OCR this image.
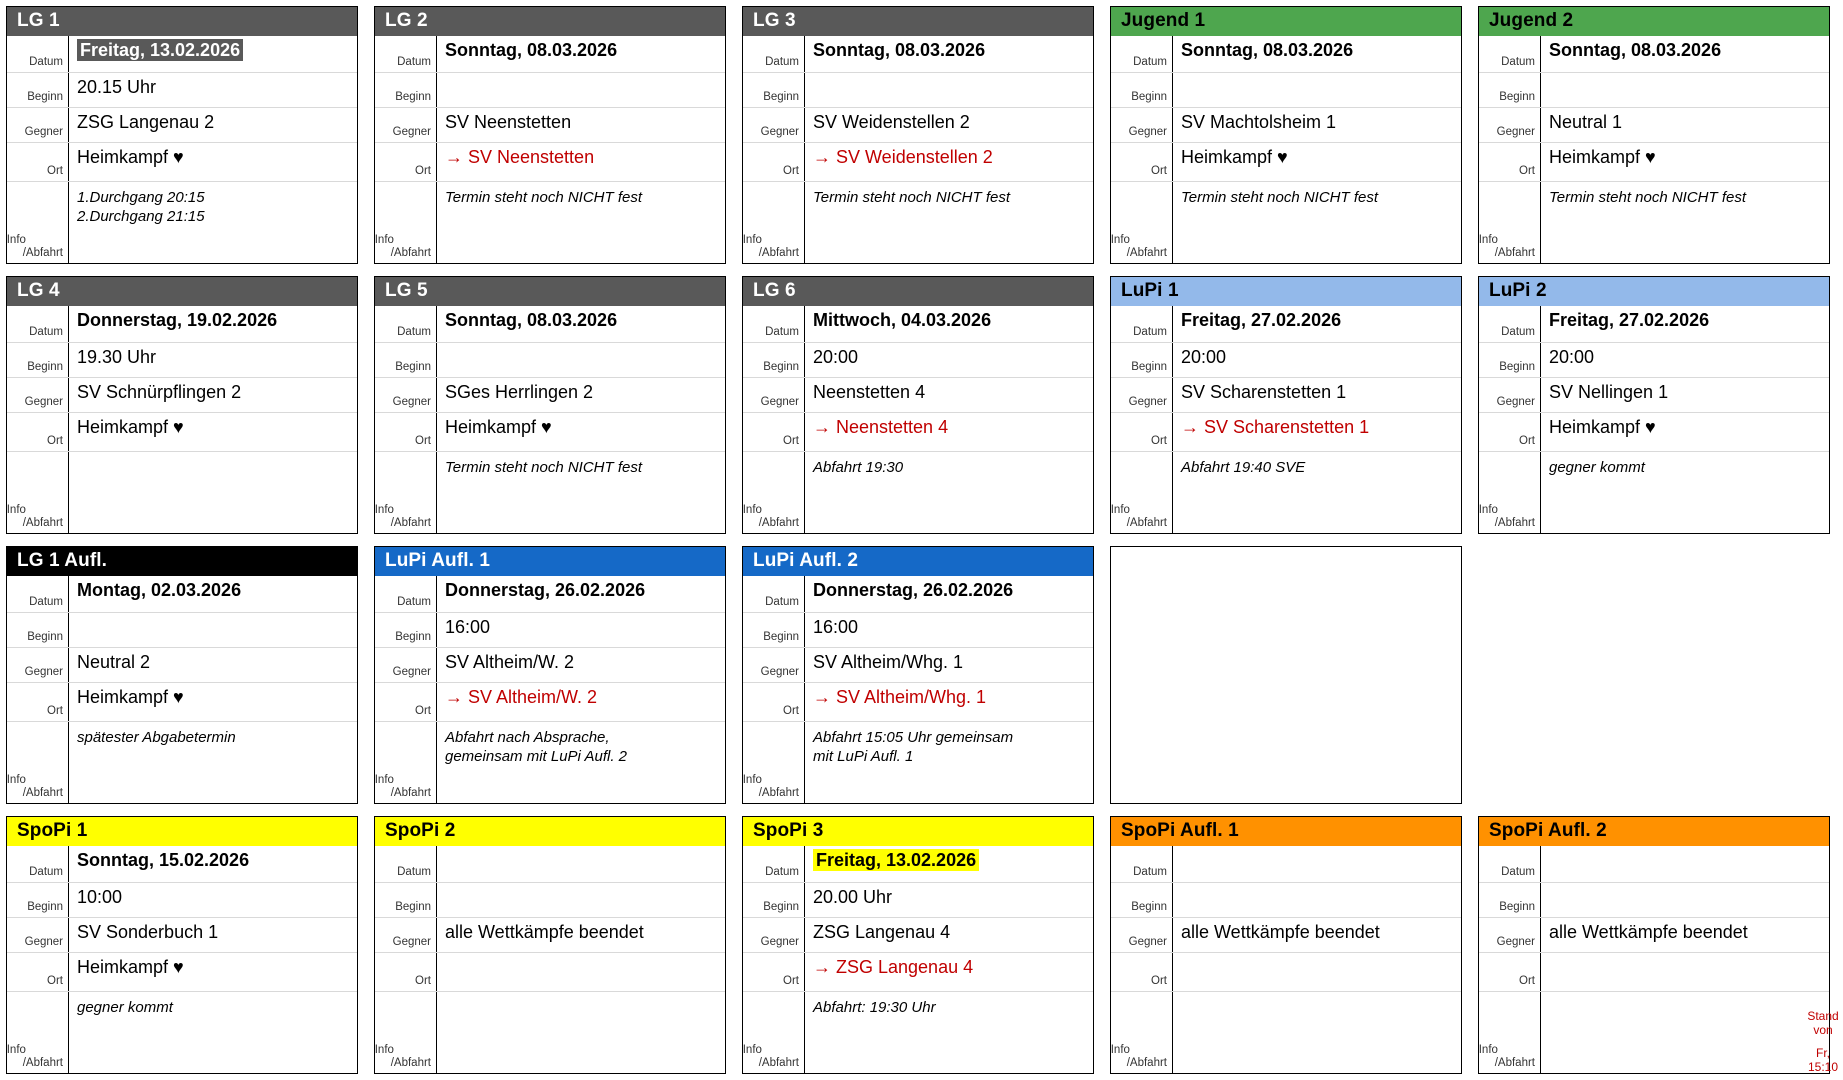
LG 1
Datum
Freitag, 13.02.2026
Beginn 20.15 Uhr
Gegner ZSG Langenau 2
Ort
Heimkampf ♥
Info / Abfahrt
1.Durchgang 20:15
2.Durchgang 21:15
LG 2
Datum
Sonntag, 08.03.2026
Beginn
Gegner SV Neenstetten
Ort
→ SV Neenstetten
Info / Abfahrt
Termin steht noch NICHT fest
LG 3
Datum
Sonntag, 08.03.2026
Beginn
Gegner SV Weidenstellen 2
Ort
→ SV Weidenstellen 2
Info / Abfahrt
Termin steht noch NICHT fest
Jugend 1
Datum
Sonntag, 08.03.2026
Beginn
Gegner SV Machtolsheim 1
Ort
Heimkampf ♥
Info / Abfahrt
Termin steht noch NICHT fest
Jugend 2
Datum
Sonntag, 08.03.2026
Beginn
Gegner Neutral 1
Ort
Heimkampf ♥
Info / Abfahrt
Termin steht noch NICHT fest
LG 4
Datum
Donnerstag, 19.02.2026
Beginn 19.30 Uhr
Gegner SV Schnürpflingen 2
Ort
Heimkampf ♥
Info / Abfahrt
LG 5
Datum
Sonntag, 08.03.2026
Beginn
Gegner SGes Herrlingen 2
Ort
Heimkampf ♥
Info / Abfahrt
Termin steht noch NICHT fest
LG 6
Datum
Mittwoch, 04.03.2026
Beginn 20:00
Gegner Neenstetten 4
Ort
→ Neenstetten 4
Info / Abfahrt
Abfahrt 19:30
LuPi 1
Datum
Freitag, 27.02.2026
Beginn 20:00
Gegner SV Scharenstetten 1
Ort
→ SV Scharenstetten 1
Info / Abfahrt
Abfahrt 19:40 SVE
LuPi 2
Datum
Freitag, 27.02.2026
Beginn 20:00
Gegner SV Nellingen 1
Ort
Heimkampf ♥
Info / Abfahrt
gegner kommt
LG 1 Aufl.
Datum
Montag, 02.03.2026
Beginn
Gegner Neutral 2
Ort
Heimkampf ♥
Info / Abfahrt
spätester Abgabetermin
LuPi Aufl. 1
Datum
Donnerstag, 26.02.2026
Beginn 16:00
Gegner SV Altheim/W. 2
Ort
→ SV Altheim/W. 2
Info / Abfahrt
Abfahrt nach Absprache,
gemeinsam mit LuPi Aufl. 2
LuPi Aufl. 2
Datum
Donnerstag, 26.02.2026
Beginn 16:00
Gegner SV Altheim/Whg. 1
Ort
→ SV Altheim/Whg. 1
Info / Abfahrt
Abfahrt 15:05 Uhr gemeinsam
mit LuPi Aufl. 1
SpoPi 1
Datum
Sonntag, 15.02.2026
Beginn 10:00
Gegner SV Sonderbuch 1
Ort
Heimkampf ♥
Info / Abfahrt
gegner kommt
SpoPi 2
Datum
Beginn
Gegner alle Wettkämpfe beendet
Ort
Info / Abfahrt
SpoPi 3
Datum
Freitag, 13.02.2026
Beginn 20.00 Uhr
Gegner ZSG Langenau 4
Ort
→ ZSG Langenau 4
Info / Abfahrt
Abfahrt: 19:30 Uhr
SpoPi Aufl. 1
Datum
Beginn
Gegner alle Wettkämpfe beendet
Ort
Info / Abfahrt
SpoPi Aufl. 2
Datum
Beginn
Gegner alle Wettkämpfe beendet
Ort
Info / Abfahrt
Stand von
Fr, 15:10
